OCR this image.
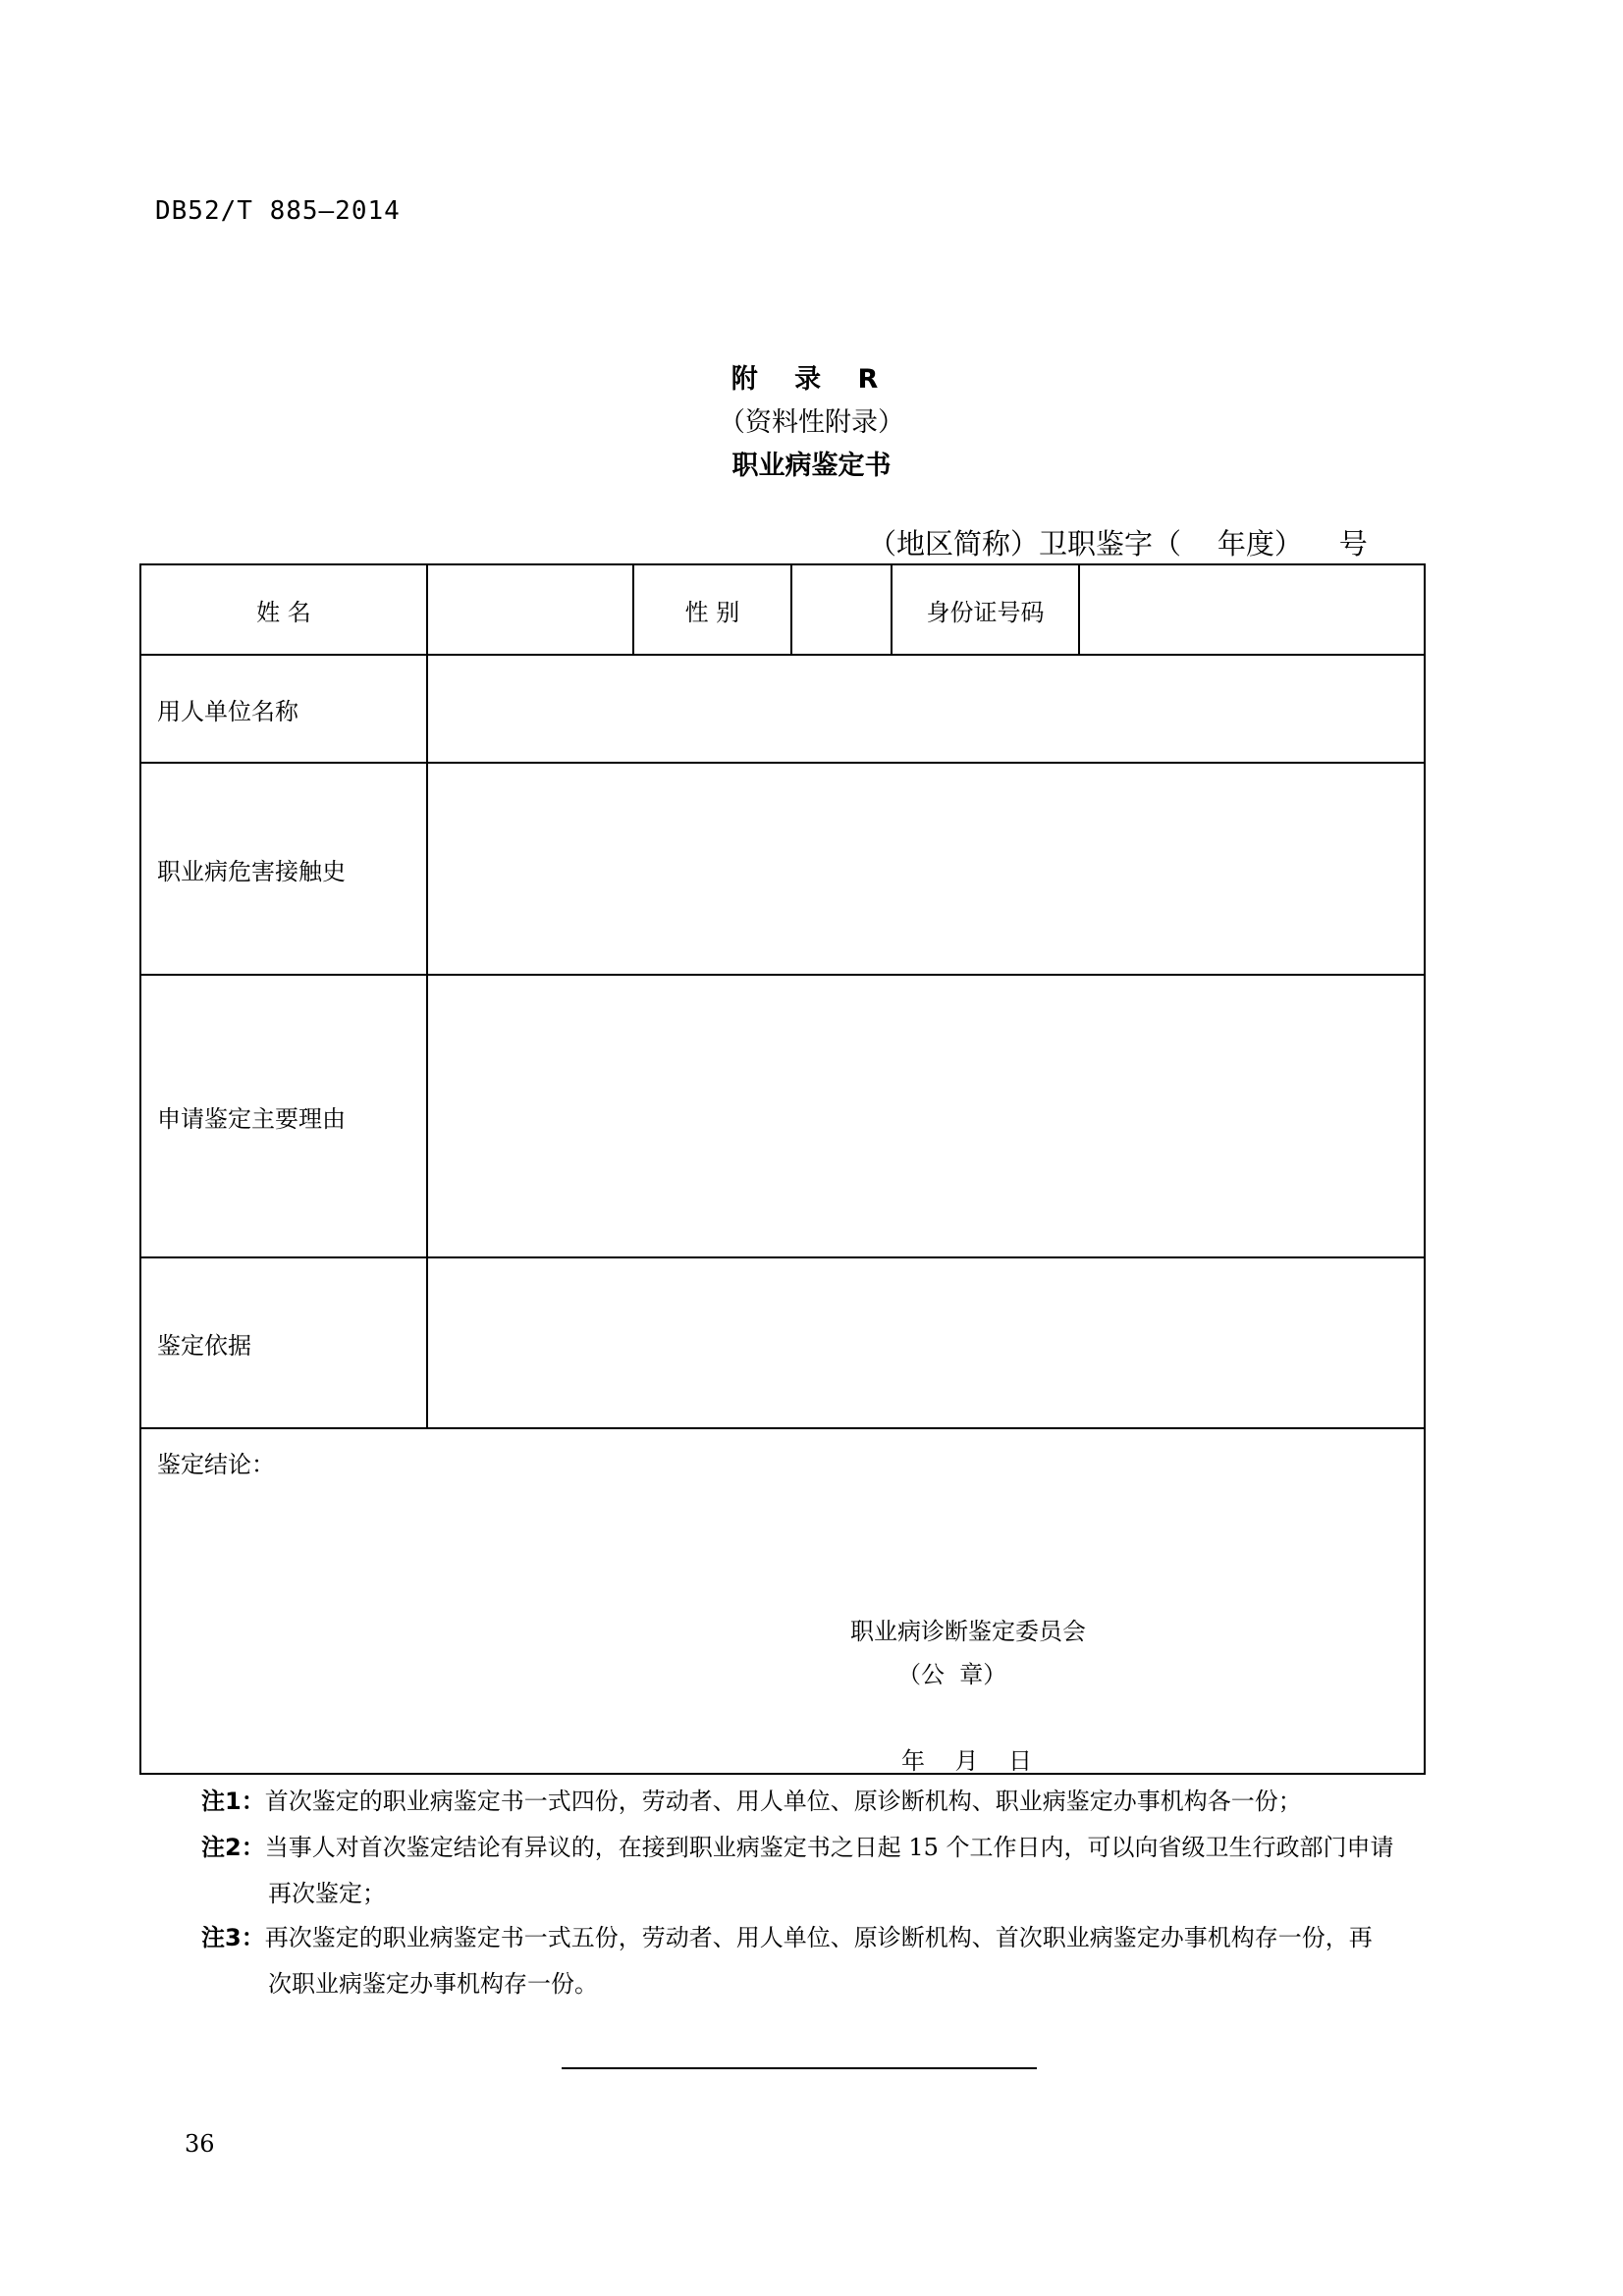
DB52/T 885—2014
附 录 R
（资料性附录）
职业病鉴定书
（地区简称）卫职鉴字（    年度）    号
姓 名		性 别		身份证号码	
用人单位名称					
职业病危害接触史					
申请鉴定主要理由					
鉴定依据					

鉴定结论：
职业病诊断鉴定委员会
（公  章）
年    月    日					
注1：首次鉴定的职业病鉴定书一式四份，劳动者、用人单位、原诊断机构、职业病鉴定办事机构各一份；
注2：当事人对首次鉴定结论有异议的，在接到职业病鉴定书之日起 15 个工作日内，可以向省级卫生行政部门申请
再次鉴定；
注3：再次鉴定的职业病鉴定书一式五份，劳动者、用人单位、原诊断机构、首次职业病鉴定办事机构存一份，再
次职业病鉴定办事机构存一份。
36
